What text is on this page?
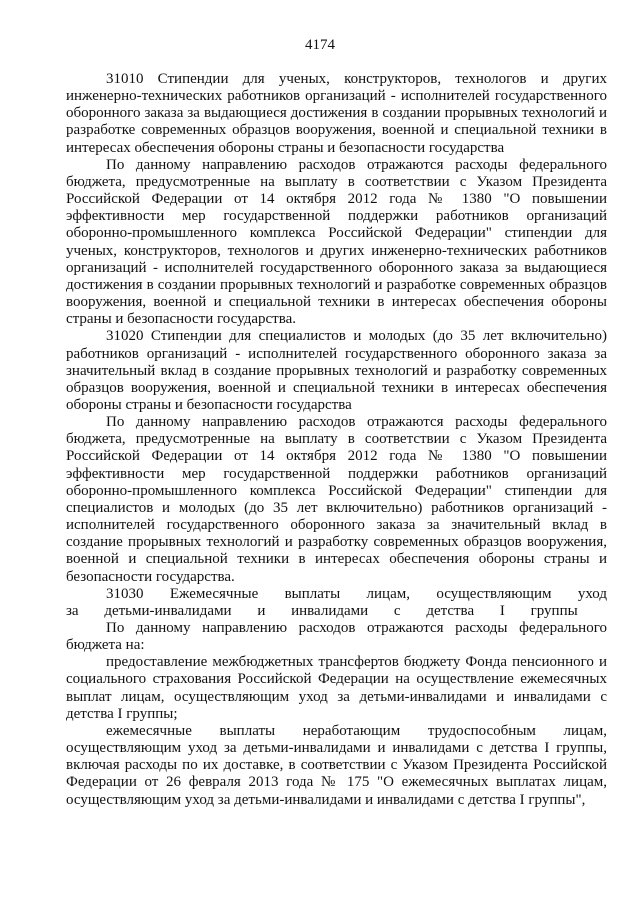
4174

31010 Стипендии для ученых, конструкторов, технологов и других инженерно-технических работников организаций - исполнителей государственного оборонного заказа за выдающиеся достижения в создании прорывных технологий и разработке современных образцов вооружения, военной и специальной техники в интересах обеспечения обороны страны и безопасности государства

По данному направлению расходов отражаются расходы федерального бюджета, предусмотренные на выплату в соответствии с Указом Президента Российской Федерации от 14 октября 2012 года № 1380 "О повышении эффективности мер государственной поддержки работников организаций оборонно-промышленного комплекса Российской Федерации" стипендии для ученых, конструкторов, технологов и других инженерно-технических работников организаций - исполнителей государственного оборонного заказа за выдающиеся достижения в создании прорывных технологий и разработке современных образцов вооружения, военной и специальной техники в интересах обеспечения обороны страны и безопасности государства.

31020 Стипендии для специалистов и молодых (до 35 лет включительно) работников организаций - исполнителей государственного оборонного заказа за значительный вклад в создание прорывных технологий и разработку современных образцов вооружения, военной и специальной техники в интересах обеспечения обороны страны и безопасности государства

По данному направлению расходов отражаются расходы федерального бюджета, предусмотренные на выплату в соответствии с Указом Президента Российской Федерации от 14 октября 2012 года № 1380 "О повышении эффективности мер государственной поддержки работников организаций оборонно-промышленного комплекса Российской Федерации" стипендии для специалистов и молодых (до 35 лет включительно) работников организаций - исполнителей государственного оборонного заказа за значительный вклад в создание прорывных технологий и разработку современных образцов вооружения, военной и специальной техники в интересах обеспечения обороны страны и безопасности государства.

31030 Ежемесячные выплаты лицам, осуществляющим уход за детьми-инвалидами и инвалидами с детства I группы

По данному направлению расходов отражаются расходы федерального бюджета на:

предоставление межбюджетных трансфертов бюджету Фонда пенсионного и социального страхования Российской Федерации на осуществление ежемесячных выплат лицам, осуществляющим уход за детьми-инвалидами и инвалидами с детства I группы;

ежемесячные выплаты неработающим трудоспособным лицам, осуществляющим уход за детьми-инвалидами и инвалидами с детства I группы, включая расходы по их доставке, в соответствии с Указом Президента Российской Федерации от 26 февраля 2013 года № 175 "О ежемесячных выплатах лицам, осуществляющим уход за детьми-инвалидами и инвалидами с детства I группы",
